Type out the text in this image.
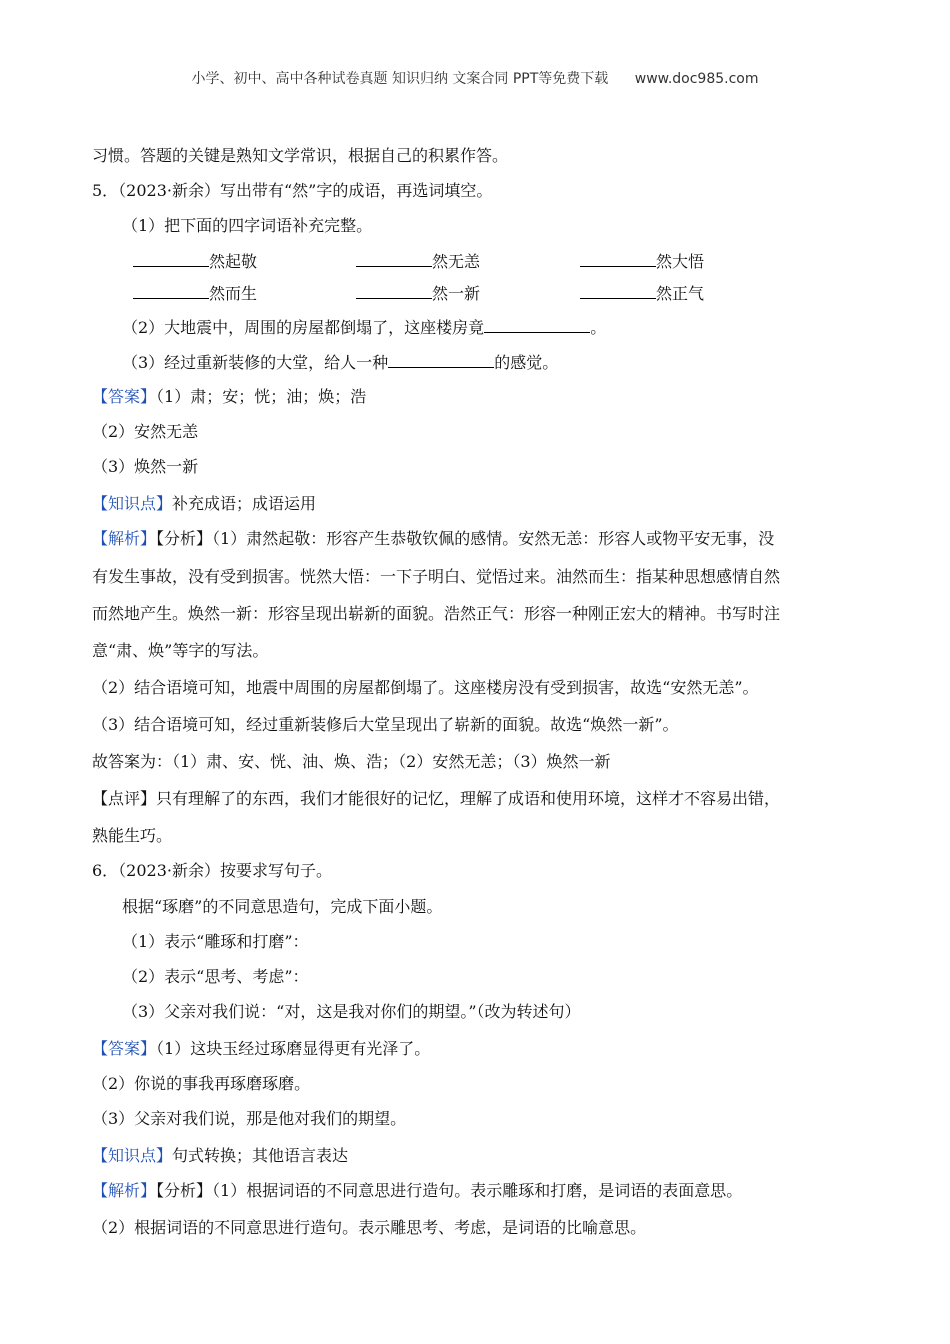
小学、初中、高中各种试卷真题 知识归纳 文案合同 PPT等免费下载 www.doc985.com
习惯。答题的关键是熟知文学常识，根据自己的积累作答。
5．（2023·新余）写出带有“然”字的成语，再选词填空。
（1）把下面的四字词语补充完整。
然起敬	然无恙	然大悟
然而生	然一新	然正气
（2）大地震中，周围的房屋都倒塌了，这座楼房竟	。
（3）经过重新装修的大堂，给人一种	的感觉。
【答案】（1）肃；安；恍；油；焕；浩
（2）安然无恙
（3）焕然一新
【知识点】补充成语；成语运用
【解析】【分析】（1）肃然起敬：形容产生恭敬钦佩的感情。安然无恙：形容人或物平安无事，没
有发生事故，没有受到损害。恍然大悟：一下子明白、觉悟过来。油然而生：指某种思想感情自然
而然地产生。焕然一新：形容呈现出崭新的面貌。浩然正气：形容一种刚正宏大的精神。书写时注
意“肃、焕”等字的写法。
（2）结合语境可知，地震中周围的房屋都倒塌了。这座楼房没有受到损害，故选“安然无恙”。
（3）结合语境可知，经过重新装修后大堂呈现出了崭新的面貌。故选“焕然一新”。
故答案为：（1）肃、安、恍、油、焕、浩；（2）安然无恙；（3）焕然一新
【点评】只有理解了的东西，我们才能很好的记忆，理解了成语和使用环境，这样才不容易出错，
熟能生巧。
6．（2023·新余）按要求写句子。
根据“琢磨”的不同意思造句，完成下面小题。
（1）表示“雕琢和打磨”：
（2）表示“思考、考虑”：
（3）父亲对我们说：“对，这是我对你们的期望。”（改为转述句）
【答案】（1）这块玉经过琢磨显得更有光泽了。
（2）你说的事我再琢磨琢磨。
（3）父亲对我们说，那是他对我们的期望。
【知识点】句式转换；其他语言表达
【解析】【分析】（1）根据词语的不同意思进行造句。表示雕琢和打磨，是词语的表面意思。
（2）根据词语的不同意思进行造句。表示雕思考、考虑，是词语的比喻意思。
